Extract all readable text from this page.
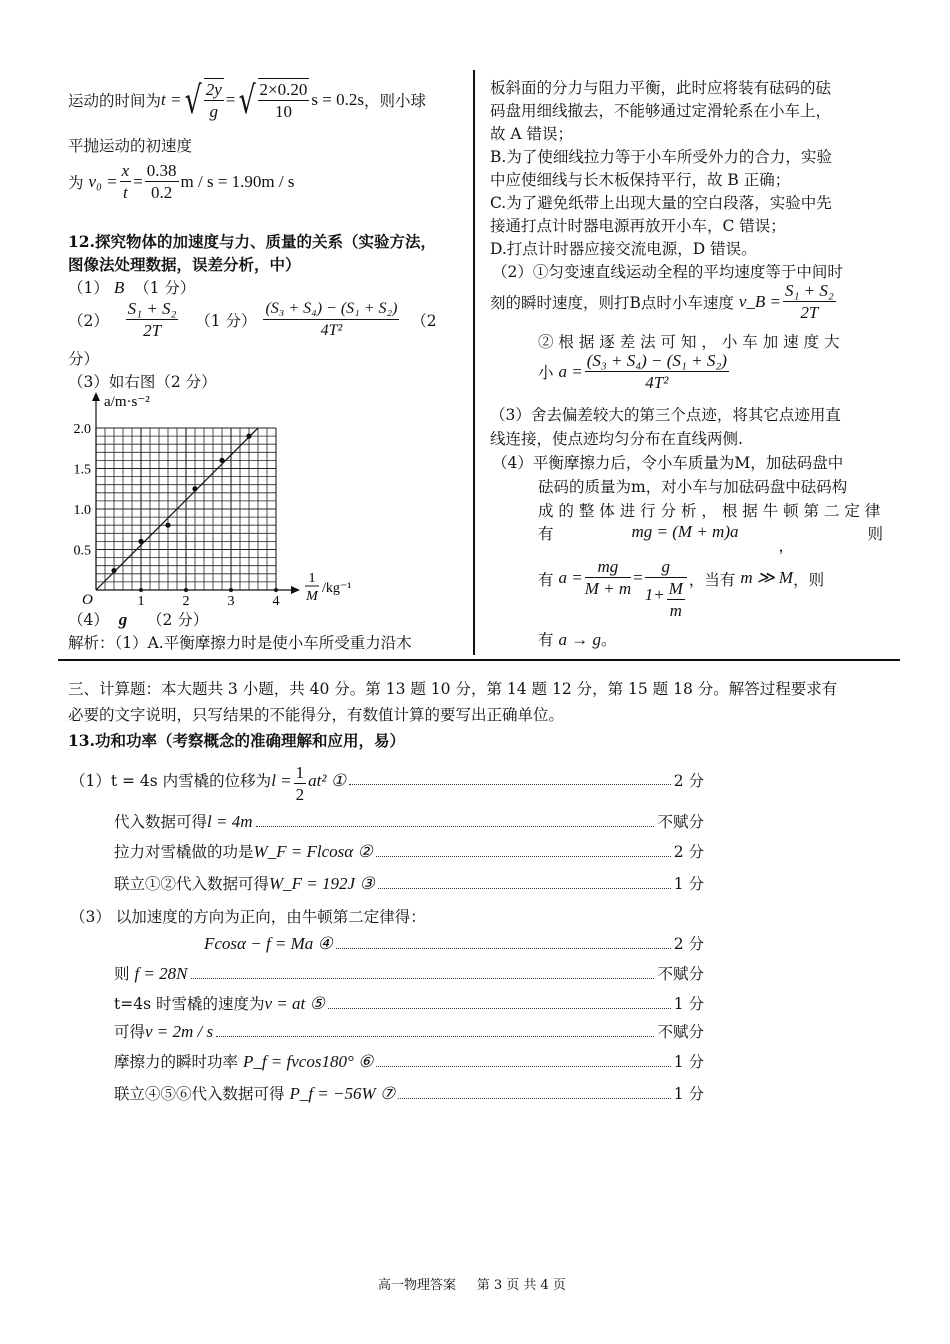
运动的时间为 t = √ $\frac{2y}{g}$ = √ $\frac{2\times 0.20}{10}$ s = 0.2s ，则小球
平抛运动的初速度
为
$v_0 = \frac{x}{t} = \frac{0.38}{0.2}$ m / s = 1.90m / s
12.探究物体的加速度与力、质量的关系（实验方法，
图像法处理数据，误差分析，中）
（1） B （1 分）
（2）
$\frac{\text{S₁ + S₂}}{2T}$
（1 分）
$\frac{\text{(S₃ + S₄) − (S₁ + S₂)}}{\text{4T²}}$
（2
分）
（3）如右图（2 分）
a/m·s⁻²
1
M
/kg⁻¹
O	1	2	3	4
0.5
1.0
1.5
2.0
（4） g （2 分）
解析：（1）A.平衡摩擦力时是使小车所受重力沿木
板斜面的分力与阻力平衡，此时应将装有砝码的砝
码盘用细线撤去，不能够通过定滑轮系在小车上，
故 A 错误；
B.为了使细线拉力等于小车所受外力的合力，实验
中应使细线与长木板保持平行，故 B 正确；
C.为了避免纸带上出现大量的空白段落，实验中先
接通打点计时器电源再放开小车，C 错误；
D.打点计时器应接交流电源，D 错误。
（2）①匀变速直线运动全程的平均速度等于中间时
刻的瞬时速度，则打B点时小车速度
v_B = $\frac{\text{S₁ + S₂}}{2T}$
② 根 据 逐 差 法 可 知 ， 小 车 加 速 度 大
小
$a = \frac{\text{(S₃ + S₄) − (S₁ + S₂)}}{\text{4T²}}$
（3）舍去偏差较大的第三个点迹，将其它点迹用直
线连接，使点迹均匀分布在直线两侧.
（4）平衡摩擦力后，令小车质量为M，加砝码盘中
砝码的质量为m，对小车与加砝码盘中砝码构
成 的 整 体 进 行 分 析 ， 根 据 牛 顿 第 二 定 律
有	mg = (M + m)a
，
则
有
$a = \frac{mg}{M + m} = \frac{g}{1+ \frac{M}{m}}$ ，当有
m ≫ M ，则
有 a → g。
三、计算题：本大题共 3 小题，共 40 分。第 13 题 10 分，第 14 题 12 分，第 15 题 18 分。解答过程要求有
必要的文字说明，只写结果的不能得分，有数值计算的要写出正确单位。
13.功和功率（考察概念的准确理解和应用，易）
（1）t = 4s 内雪橇的位移为 $l = \frac{1}{2} at^2$ ①	2 分
代入数据可得 l = 4m	不赋分
拉力对雪橇做的功是 W_F = Flcosα ②	2 分
联立①②代入数据可得 W_F = 192J ③	1 分
（3） 以加速度的方向为正向，由牛顿第二定律得：
Fcosα − f = Ma ④	2 分
则
f = 28N	不赋分
t=4s 时雪橇的速度为 v = at ⑤	1 分
可得 v = 2m / s	不赋分
摩擦力的瞬时功率
P_f = fvcos180° ⑥	1 分
联立④⑤⑥代入数据可得
P_f = −56W ⑦	1 分
高一物理答案 第 3 页 共 4 页
